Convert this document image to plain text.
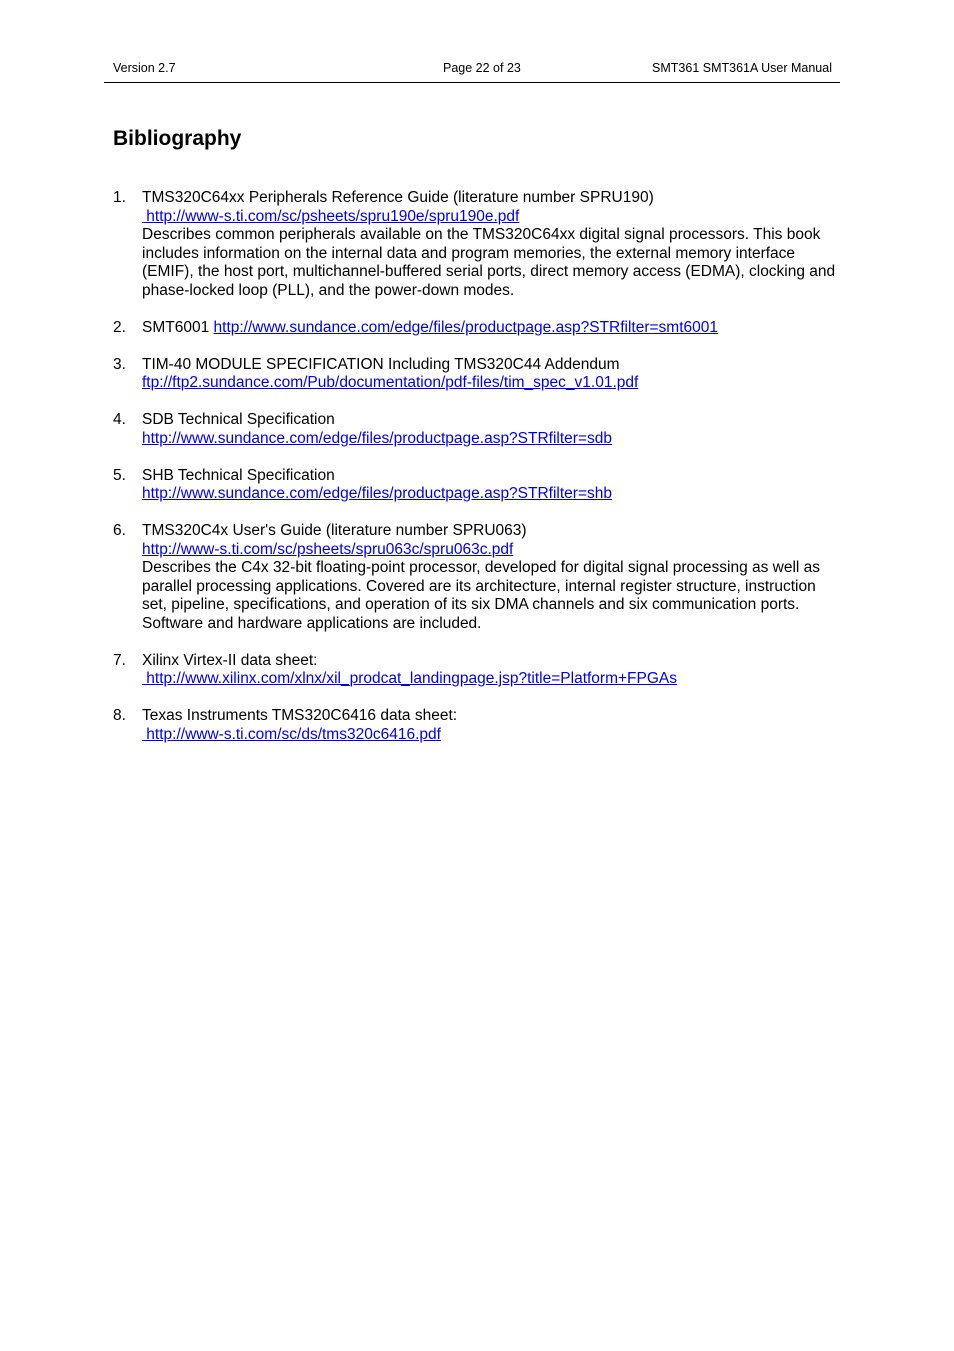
Version 2.7	Page 22 of 23	SMT361 SMT361A User Manual
Bibliography
1. TMS320C64xx Peripherals Reference Guide (literature number SPRU190)
http://www-s.ti.com/sc/psheets/spru190e/spru190e.pdf

Describes common peripherals available on the TMS320C64xx digital signal processors. This book includes information on the internal data and program memories, the external memory interface (EMIF), the host port, multichannel-buffered serial ports, direct memory access (EDMA), clocking and phase-locked loop (PLL), and the power-down modes.

2. SMT6001 http://www.sundance.com/edge/files/productpage.asp?STRfilter=smt6001
3. TIM-40 MODULE SPECIFICATION Including TMS320C44 Addendum
ftp://ftp2.sundance.com/Pub/documentation/pdf-files/tim_spec_v1.01.pdf
4. SDB Technical Specification
http://www.sundance.com/edge/files/productpage.asp?STRfilter=sdb
5. SHB Technical Specification
http://www.sundance.com/edge/files/productpage.asp?STRfilter=shb
6. TMS320C4x User's Guide (literature number SPRU063)
http://www-s.ti.com/sc/psheets/spru063c/spru063c.pdf

Describes the C4x 32-bit floating-point processor, developed for digital signal processing as well as parallel processing applications. Covered are its architecture, internal register structure, instruction set, pipeline, specifications, and operation of its six DMA channels and six communication ports. Software and hardware applications are included.

7. Xilinx Virtex-II data sheet:
http://www.xilinx.com/xlnx/xil_prodcat_landingpage.jsp?title=Platform+FPGAs
8. Texas Instruments TMS320C6416 data sheet:
http://www-s.ti.com/sc/ds/tms320c6416.pdf
